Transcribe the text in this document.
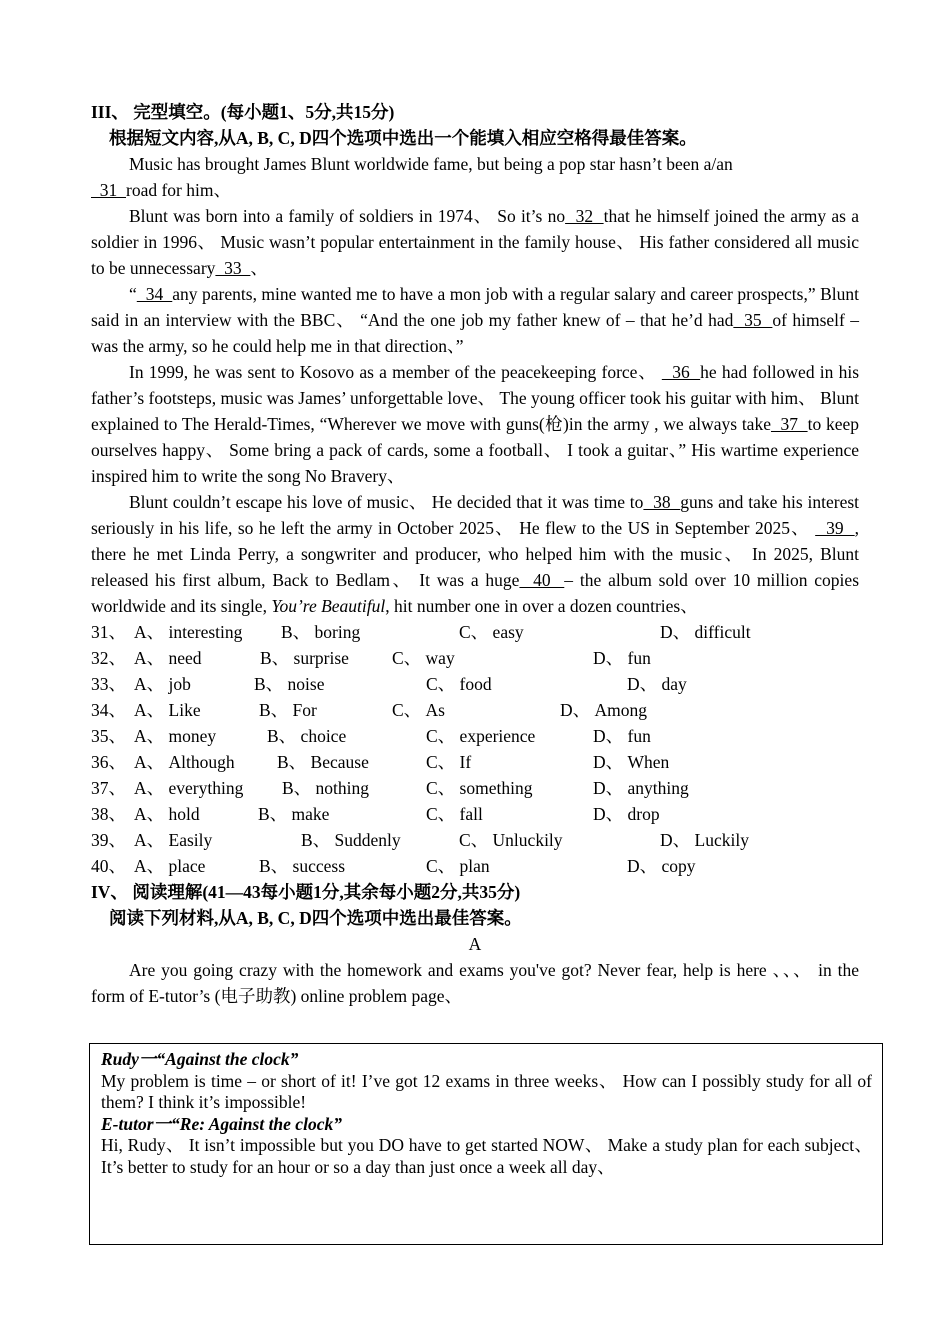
III、 完型填空。(每小题1、5分,共15分)
根据短文内容,从A, B, C, D四个选项中选出一个能填入相应空格得最佳答案。

Music has brought James Blunt worldwide fame, but being a pop star hasn’t been a/an
31  road for him、

Blunt was born into a family of soldiers in 1974、 So it’s no  32  that he himself joined the army as a soldier in 1996、 Music wasn’t popular entertainment in the family house、 His father considered all music to be unnecessary  33  、

“  34  any parents, mine wanted me to have a mon job with a regular salary and career prospects,” Blunt said in an interview with the BBC、 “And the one job my father knew of – that he’d had  35  of himself – was the army, so he could help me in that direction、”

In 1999, he was sent to Kosovo as a member of the peacekeeping force、   36  he had followed in his father’s footsteps, music was James’ unforgettable love、 The young officer took his guitar with him、 Blunt explained to The Herald-Times, “Wherever we move with guns(枪)in the army , we always take  37  to keep ourselves happy、 Some bring a pack of cards, some a football、 I took a guitar、” His wartime experience inspired him to write the song No Bravery、

Blunt couldn’t escape his love of music、 He decided that it was time to  38  guns and take his interest seriously in his life, so he left the army in October 2025、 He flew to the US in September 2025、   39  , there he met Linda Perry, a songwriter and producer, who helped him with the music、 In 2025, Blunt released his first album, Back to Bedlam、 It was a huge  40  – the album sold over 10 million copies worldwide and its single, You’re Beautiful, hit number one in over a dozen countries、

31、 A、 interesting B、 boring	C、 easy	D、 difficult
32、 A、 need	B、 surprise C、 way	D、 fun
33、 A、 job	B、 noise	C、 food	D、 day
34、 A、 Like	B、 For	C、 As	D、 Among
35、 A、 money	B、 choice	C、 experience	D、 fun
36、 A、 Although B、 Because	C、 If	D、 When
37、 A、 everything B、 nothing	C、 something	D、 anything
38、 A、 hold	B、 make	C、 fall	D、 drop
39、 A、 Easily	B、 Suddenly	C、 Unluckily	D、 Luckily
40、 A、 place	B、 success	C、 plan	D、 copy
IV、 阅读理解(41—43每小题1分,其余每小题2分,共35分)
阅读下列材料,从A, B, C, D四个选项中选出最佳答案。
A

Are you going crazy with the homework and exams you've got? Never fear, help is here 、、、 in the form of E-tutor’s (电子助教) online problem page、

Rudy一“Against the clock”

My problem is time – or short of it! I’ve got 12 exams in three weeks、 How can I possibly study for all of them? I think it’s impossible!

E-tutor一“Re: Against the clock”

Hi, Rudy、 It isn’t impossible but you DO have to get started NOW、 Make a study plan for each subject、 It’s better to study for an hour or so a day than just once a week all day、
